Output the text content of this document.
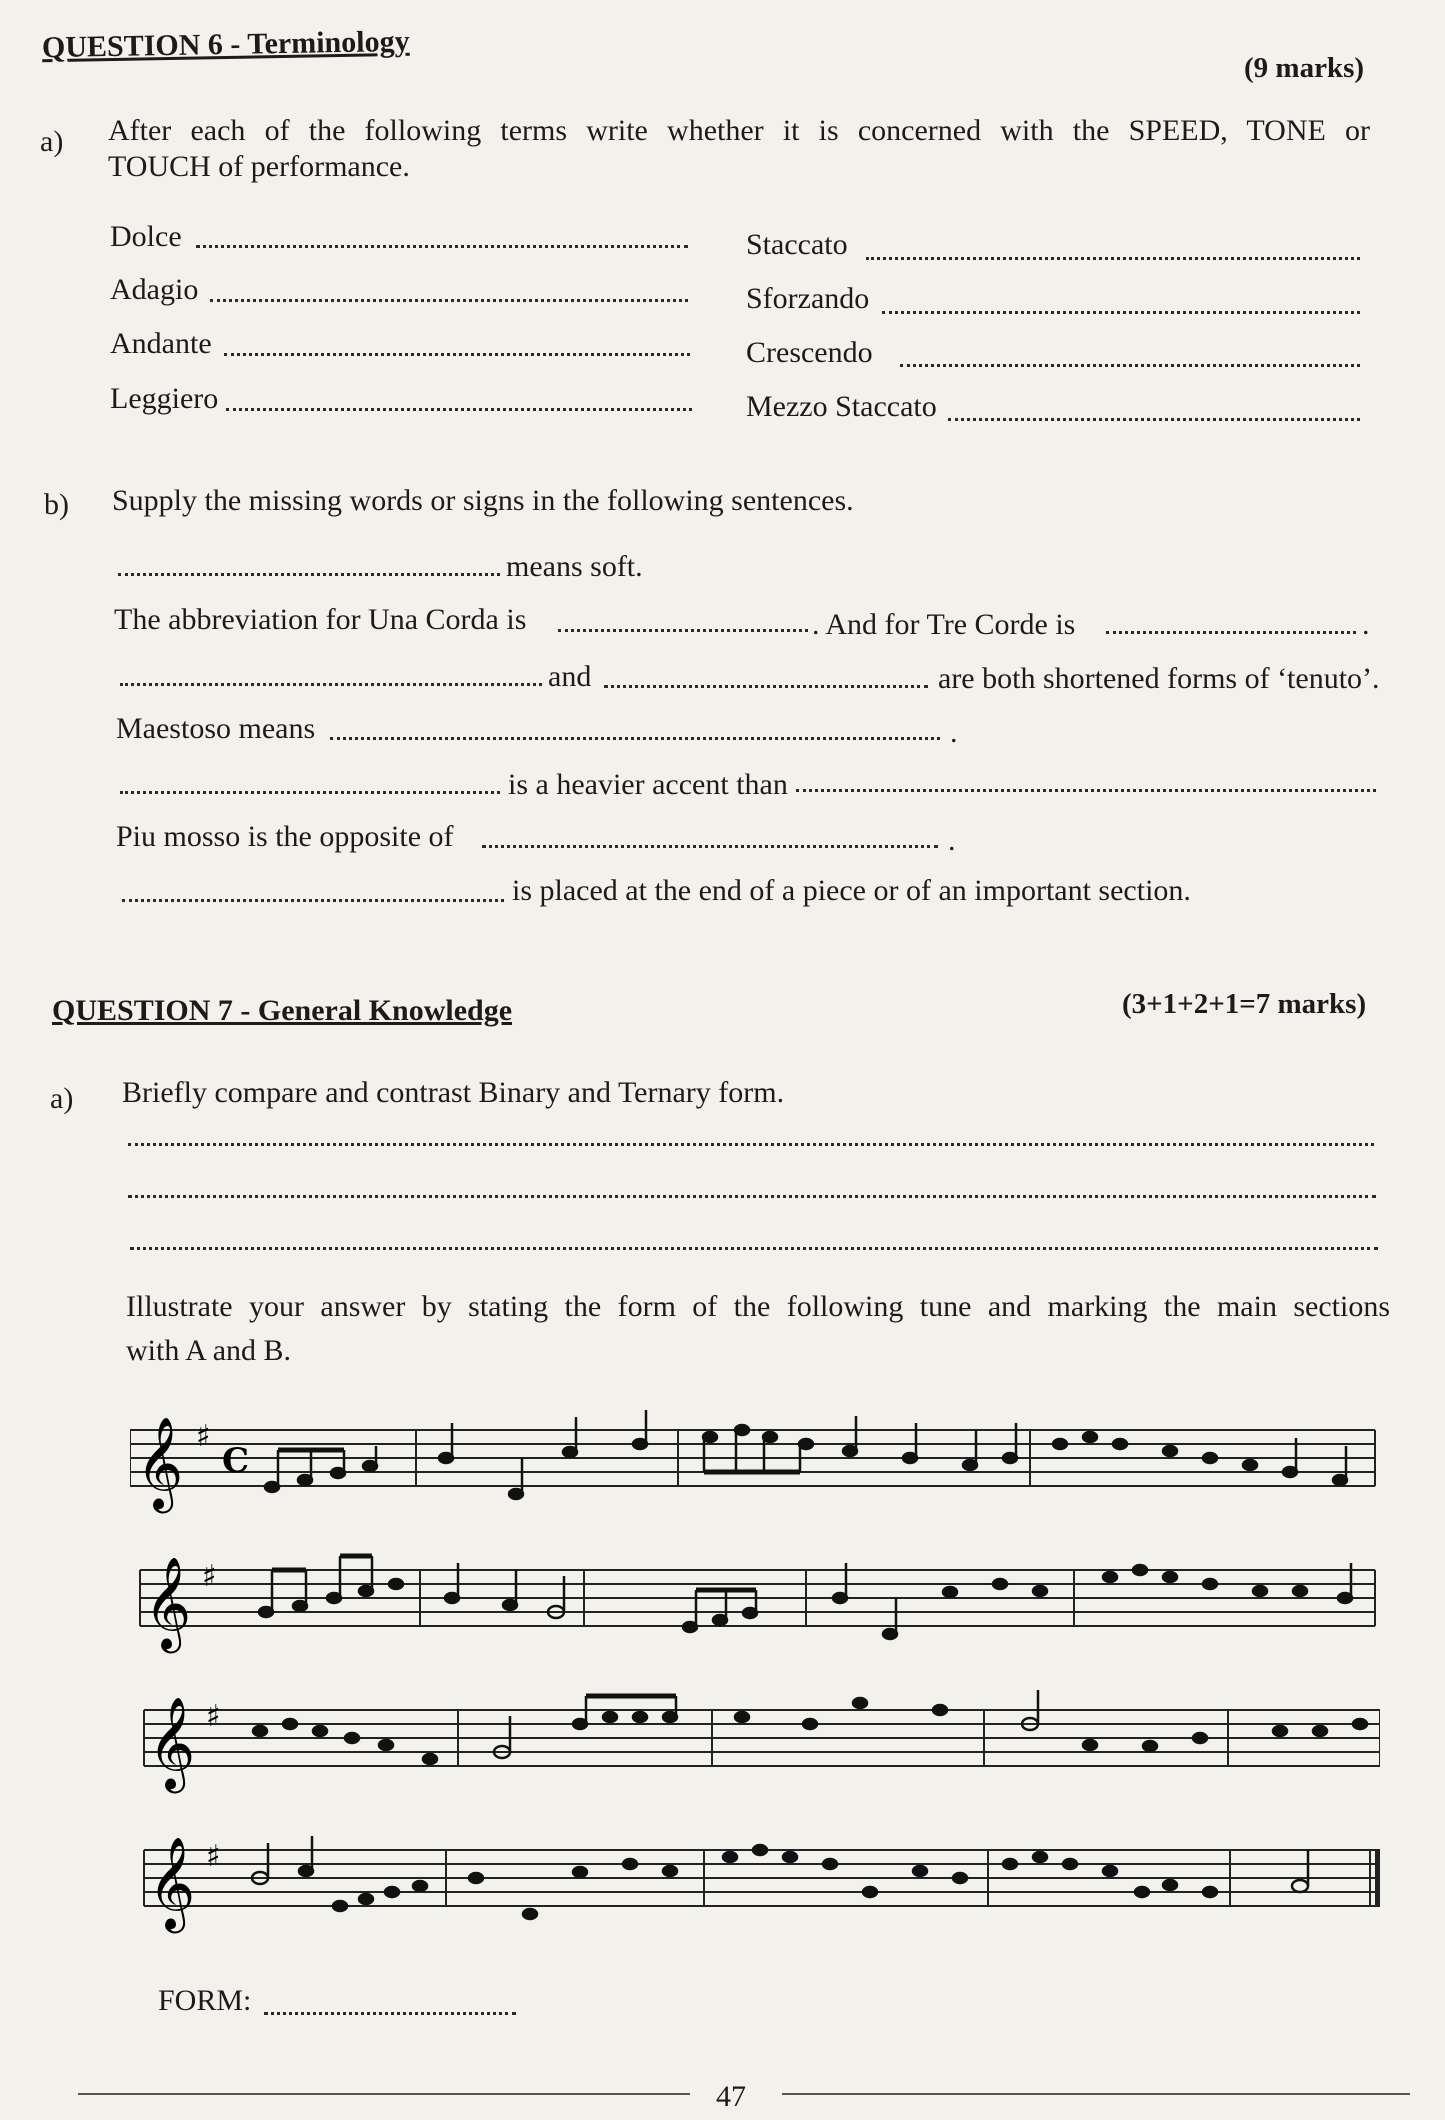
QUESTION 6 - Terminology
(9 marks)
a) After each of the following terms write whether it is concerned with the SPEED, TONE or
TOUCH of performance.
Dolce
Adagio
Andante
Leggiero
Staccato
Sforzando
Crescendo
Mezzo Staccato
b) Supply the missing words or signs in the following sentences.
means soft.
The abbreviation for Una Corda is	. And for Tre Corde is	.
and	are both shortened forms of ‘tenuto’.
Maestoso means	.
is a heavier accent than
Piu mosso is the opposite of	.
is placed at the end of a piece or of an important section.
QUESTION 7 - General Knowledge	(3+1+2+1=7 marks)
a) Briefly compare and contrast Binary and Ternary form.
Illustrate your answer by stating the form of the following tune and marking the main sections
with A and B.
𝄞 ♯
C
𝄞 ♯
𝄞 ♯
𝄞 ♯
FORM:
47
